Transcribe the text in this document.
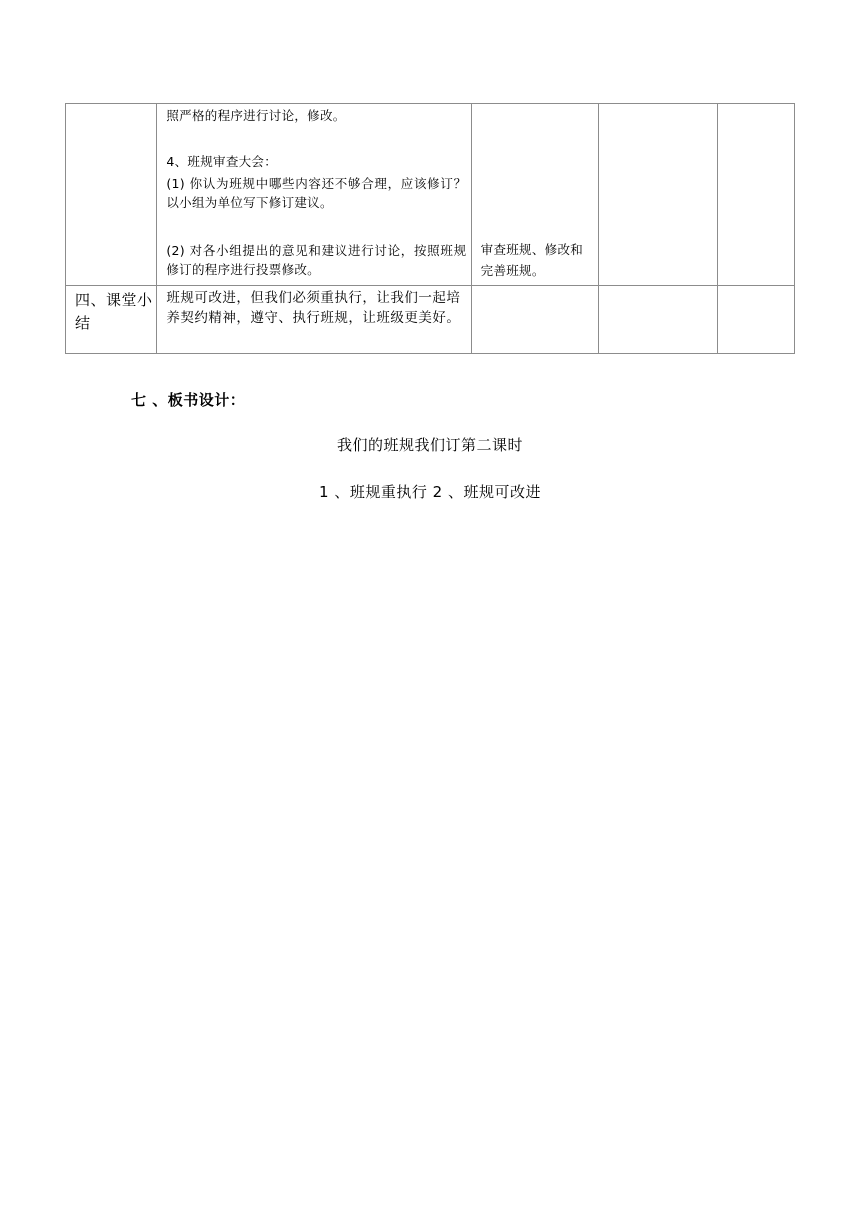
	照严格的程序进行讨论，修改。
4、班规审查大会：
(1) 你认为班规中哪些内容还不够合理，应该修订？ 以小组为单位写下修订建议。
(2) 对各小组提出的意见和建议进行讨论，按照班规修订的程序进行投票修改。	审查班规、修改和完善班规。		

四、课堂小结	班规可改进，但我们必须重执行，让我们一起培养契约精神，遵守、执行班规，让班级更美好。			

七 、板书设计：
我们的班规我们订第二课时
1 、班规重执行 2 、班规可改进
